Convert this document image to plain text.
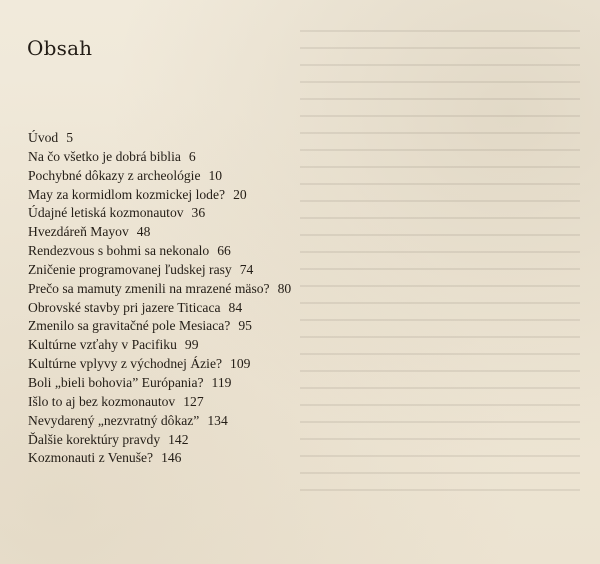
Obsah
Úvod 5
Na čo všetko je dobrá biblia 6
Pochybné dôkazy z archeológie 10
May za kormidlom kozmickej lode? 20
Údajné letiská kozmonautov 36
Hvezdáreň Mayov 48
Rendezvous s bohmi sa nekonalo 66
Zničenie programovanej ľudskej rasy 74
Prečo sa mamuty zmenili na mrazené mäso? 80
Obrovské stavby pri jazere Titicaca 84
Zmenilo sa gravitačné pole Mesiaca? 95
Kultúrne vzťahy v Pacifiku 99
Kultúrne vplyvy z východnej Ázie? 109
Boli „bieli bohovia” Európania? 119
Išlo to aj bez kozmonautov 127
Nevydarený „nezvratný dôkaz” 134
Ďalšie korektúry pravdy 142
Kozmonauti z Venuše? 146
